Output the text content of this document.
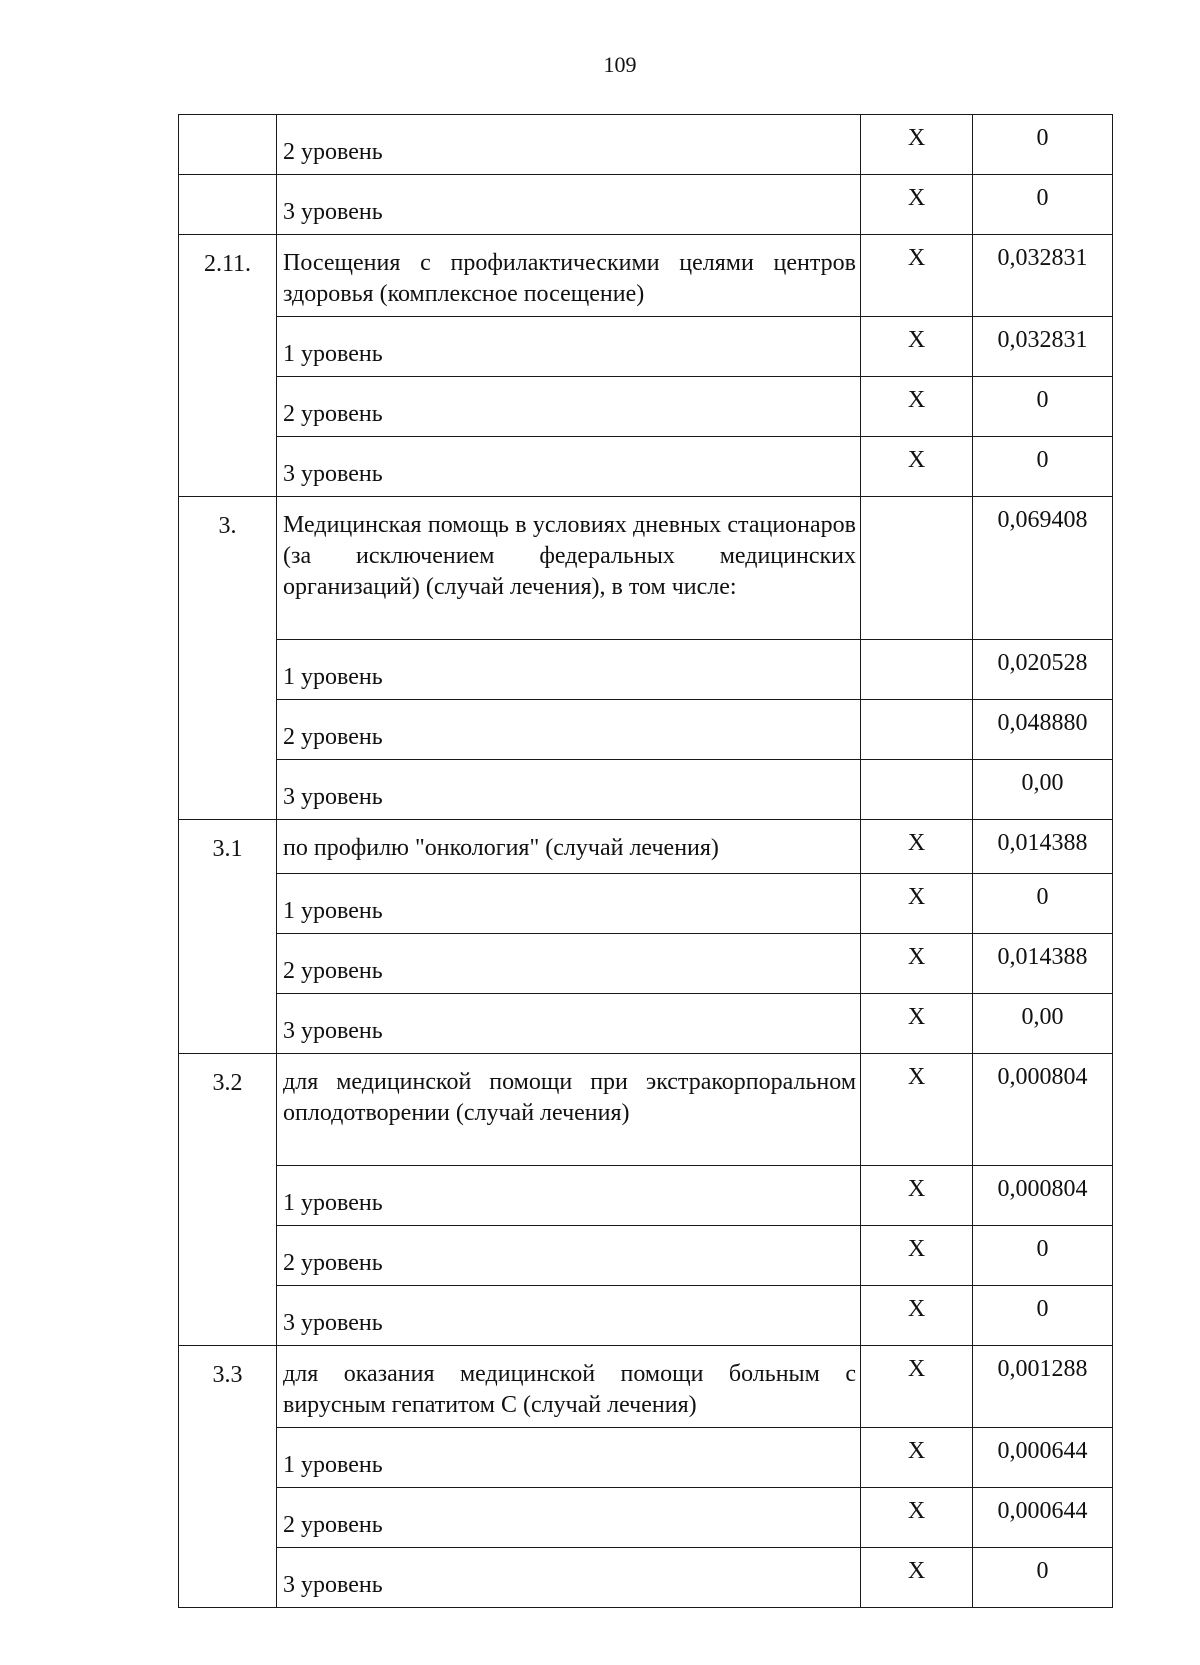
109
	2 уровень	X	0
	3 уровень	X	0
2.11.	Посещения с профилактическими целями центров здоровья (комплексное посещение)	X	0,032831
	1 уровень	X	0,032831
	2 уровень	X	0
	3 уровень	X	0
3.	Медицинская помощь в условиях дневных стационаров (за исключением федеральных медицинских организаций) (случай лечения), в том числе:		0,069408
	1 уровень		0,020528
	2 уровень		0,048880
	3 уровень		0,00
3.1	по профилю "онкология" (случай лечения)	X	0,014388
	1 уровень	X	0
	2 уровень	X	0,014388
	3 уровень	X	0,00
3.2	для медицинской помощи при экстракорпоральном оплодотворении (случай лечения)	X	0,000804
	1 уровень	X	0,000804
	2 уровень	X	0
	3 уровень	X	0
3.3	для оказания медицинской помощи больным с вирусным гепатитом С (случай лечения)	X	0,001288
	1 уровень	X	0,000644
	2 уровень	X	0,000644
	3 уровень	X	0
